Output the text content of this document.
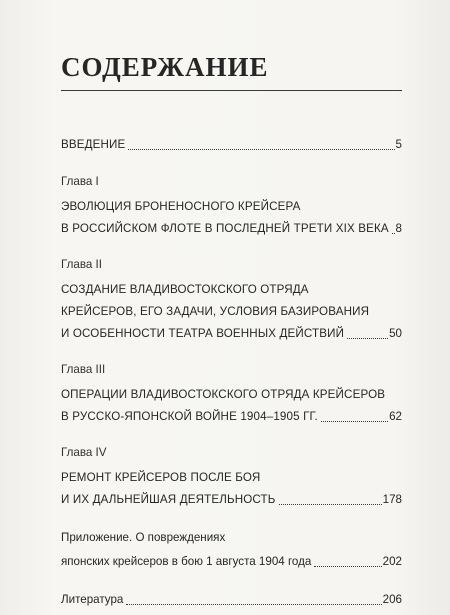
СОДЕРЖАНИЕ
ВВЕДЕНИЕ	5
Глава I
ЭВОЛЮЦИЯ БРОНЕНОСНОГО КРЕЙСЕРА
В РОССИЙСКОМ ФЛОТЕ В ПОСЛЕДНЕЙ ТРЕТИ XIX ВЕКА 8
Глава II
СОЗДАНИЕ ВЛАДИВОСТОКСКОГО ОТРЯДА
КРЕЙСЕРОВ, ЕГО ЗАДАЧИ, УСЛОВИЯ БАЗИРОВАНИЯ
И ОСОБЕННОСТИ ТЕАТРА ВОЕННЫХ ДЕЙСТВИЙ	50
Глава III
ОПЕРАЦИИ ВЛАДИВОСТОКСКОГО ОТРЯДА КРЕЙСЕРОВ
В РУССКО-ЯПОНСКОЙ ВОЙНЕ 1904–1905 ГГ.	62
Глава IV
РЕМОНТ КРЕЙСЕРОВ ПОСЛЕ БОЯ
И ИХ ДАЛЬНЕЙШАЯ ДЕЯТЕЛЬНОСТЬ	178
Приложение. О повреждениях
японских крейсеров в бою 1 августа 1904 года	202
Литература	206
